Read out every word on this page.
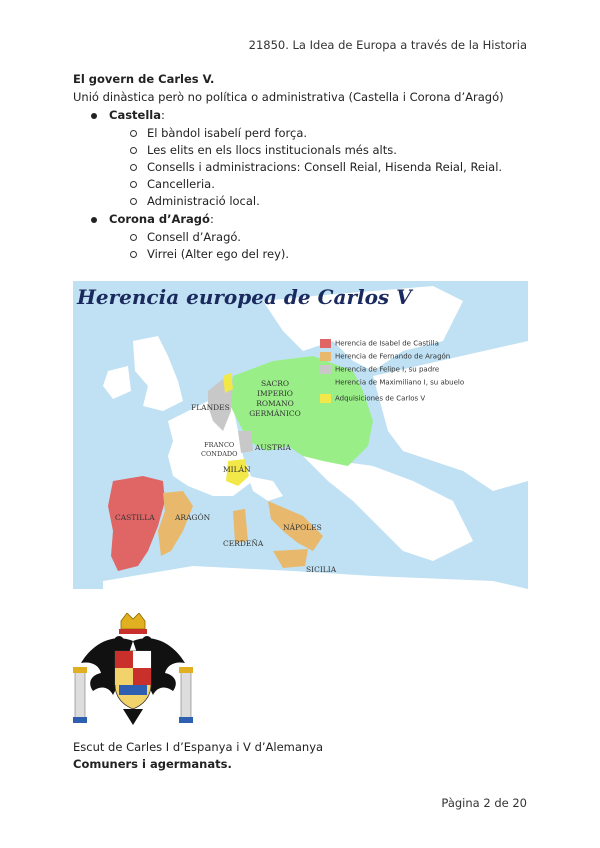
21850. La Idea de Europa a través de la Historia
El govern de Carles V.
Unió dinàstica però no política o administrativa (Castella i Corona d’Aragó)
Castella:
El bàndol isabelí perd força.
Les elits en els llocs institucionals més alts.
Consells i administracions: Consell Reial, Hisenda Reial, Reial.
Cancelleria.
Administració local.
Corona d’Aragó:
Consell d’Aragó.
Virrei (Alter ego del rey).
Herencia europea de Carlos V
Herencia de Isabel de Castilla
Herencia de Fernando de Aragón
Herencia de Felipe I, su padre
Herencia de Maximiliano I, su abuelo
Adquisiciones de Carlos V
SACRO
IMPERIO
ROMANO
GERMÁNICO
FLANDES
FRANCO
CONDADO
AUSTRIA
MILÁN
CASTILLA	ARAGÓN
NÁPOLES
CERDEÑA
SICILIA
Escut de Carles I d’Espanya i V d’Alemanya
Comuners i agermanats.
Pàgina 2 de 20
